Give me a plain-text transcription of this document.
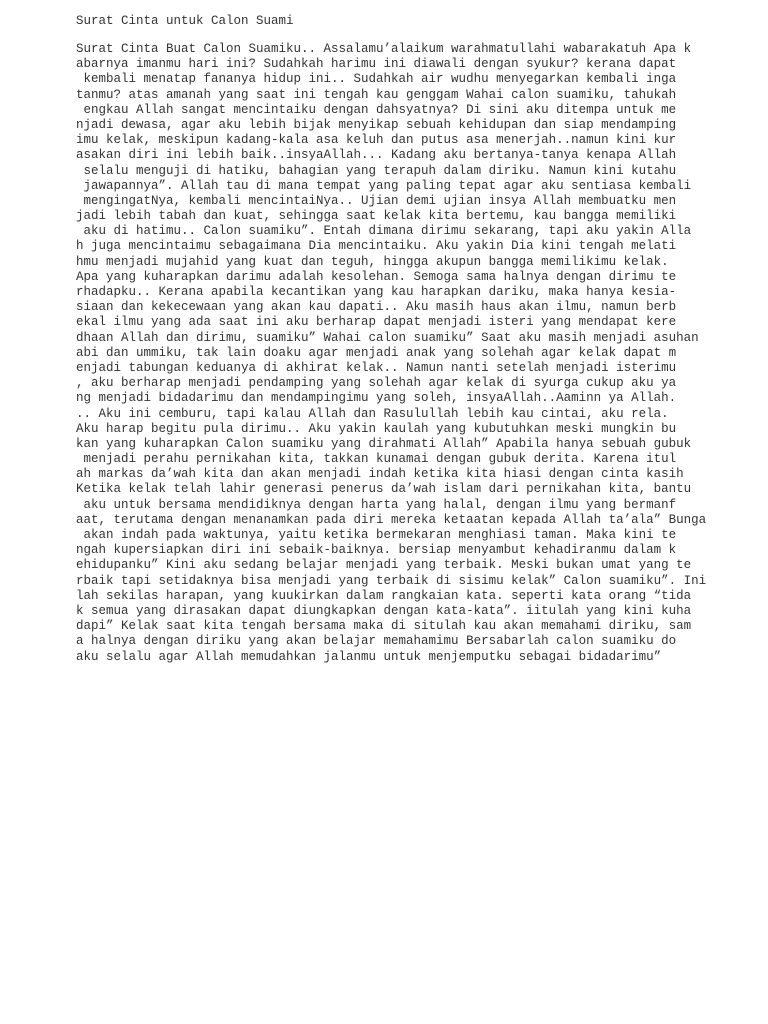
Surat Cinta untuk Calon Suami
Surat Cinta Buat Calon Suamiku.. Assalamu’alaikum warahmatullahi wabarakatuh Apa k
abarnya imanmu hari ini? Sudahkah harimu ini diawali dengan syukur? kerana dapat
kembali menatap fananya hidup ini.. Sudahkah air wudhu menyegarkan kembali inga
tanmu? atas amanah yang saat ini tengah kau genggam Wahai calon suamiku, tahukah
engkau Allah sangat mencintaiku dengan dahsyatnya? Di sini aku ditempa untuk me
njadi dewasa, agar aku lebih bijak menyikap sebuah kehidupan dan siap mendamping
imu kelak, meskipun kadang-kala asa keluh dan putus asa menerjah..namun kini kur
asakan diri ini lebih baik..insyaAllah... Kadang aku bertanya-tanya kenapa Allah
selalu menguji di hatiku, bahagian yang terapuh dalam diriku. Namun kini kutahu
jawapannya”. Allah tau di mana tempat yang paling tepat agar aku sentiasa kembali
mengingatNya, kembali mencintaiNya.. Ujian demi ujian insya Allah membuatku men
jadi lebih tabah dan kuat, sehingga saat kelak kita bertemu, kau bangga memiliki
aku di hatimu.. Calon suamiku”. Entah dimana dirimu sekarang, tapi aku yakin Alla
h juga mencintaimu sebagaimana Dia mencintaiku. Aku yakin Dia kini tengah melati
hmu menjadi mujahid yang kuat dan teguh, hingga akupun bangga memilikimu kelak.
Apa yang kuharapkan darimu adalah kesolehan. Semoga sama halnya dengan dirimu te
rhadapku.. Kerana apabila kecantikan yang kau harapkan dariku, maka hanya kesia-
siaan dan kekecewaan yang akan kau dapati.. Aku masih haus akan ilmu, namun berb
ekal ilmu yang ada saat ini aku berharap dapat menjadi isteri yang mendapat kere
dhaan Allah dan dirimu, suamiku” Wahai calon suamiku” Saat aku masih menjadi asuhan
abi dan ummiku, tak lain doaku agar menjadi anak yang solehah agar kelak dapat m
enjadi tabungan keduanya di akhirat kelak.. Namun nanti setelah menjadi isterimu
, aku berharap menjadi pendamping yang solehah agar kelak di syurga cukup aku ya
ng menjadi bidadarimu dan mendampingimu yang soleh, insyaAllah..Aaminn ya Allah.
.. Aku ini cemburu, tapi kalau Allah dan Rasulullah lebih kau cintai, aku rela.
Aku harap begitu pula dirimu.. Aku yakin kaulah yang kubutuhkan meski mungkin bu
kan yang kuharapkan Calon suamiku yang dirahmati Allah” Apabila hanya sebuah gubuk
menjadi perahu pernikahan kita, takkan kunamai dengan gubuk derita. Karena itul
ah markas da’wah kita dan akan menjadi indah ketika kita hiasi dengan cinta kasih
Ketika kelak telah lahir generasi penerus da’wah islam dari pernikahan kita, bantu
aku untuk bersama mendidiknya dengan harta yang halal, dengan ilmu yang bermanf
aat, terutama dengan menanamkan pada diri mereka ketaatan kepada Allah ta’ala” Bunga
akan indah pada waktunya, yaitu ketika bermekaran menghiasi taman. Maka kini te
ngah kupersiapkan diri ini sebaik-baiknya. bersiap menyambut kehadiranmu dalam k
ehidupanku” Kini aku sedang belajar menjadi yang terbaik. Meski bukan umat yang te
rbaik tapi setidaknya bisa menjadi yang terbaik di sisimu kelak” Calon suamiku”. Ini
lah sekilas harapan, yang kuukirkan dalam rangkaian kata. seperti kata orang “tida
k semua yang dirasakan dapat diungkapkan dengan kata-kata”. iitulah yang kini kuha
dapi” Kelak saat kita tengah bersama maka di situlah kau akan memahami diriku, sam
a halnya dengan diriku yang akan belajar memahamimu Bersabarlah calon suamiku do
aku selalu agar Allah memudahkan jalanmu untuk menjemputku sebagai bidadarimu”
